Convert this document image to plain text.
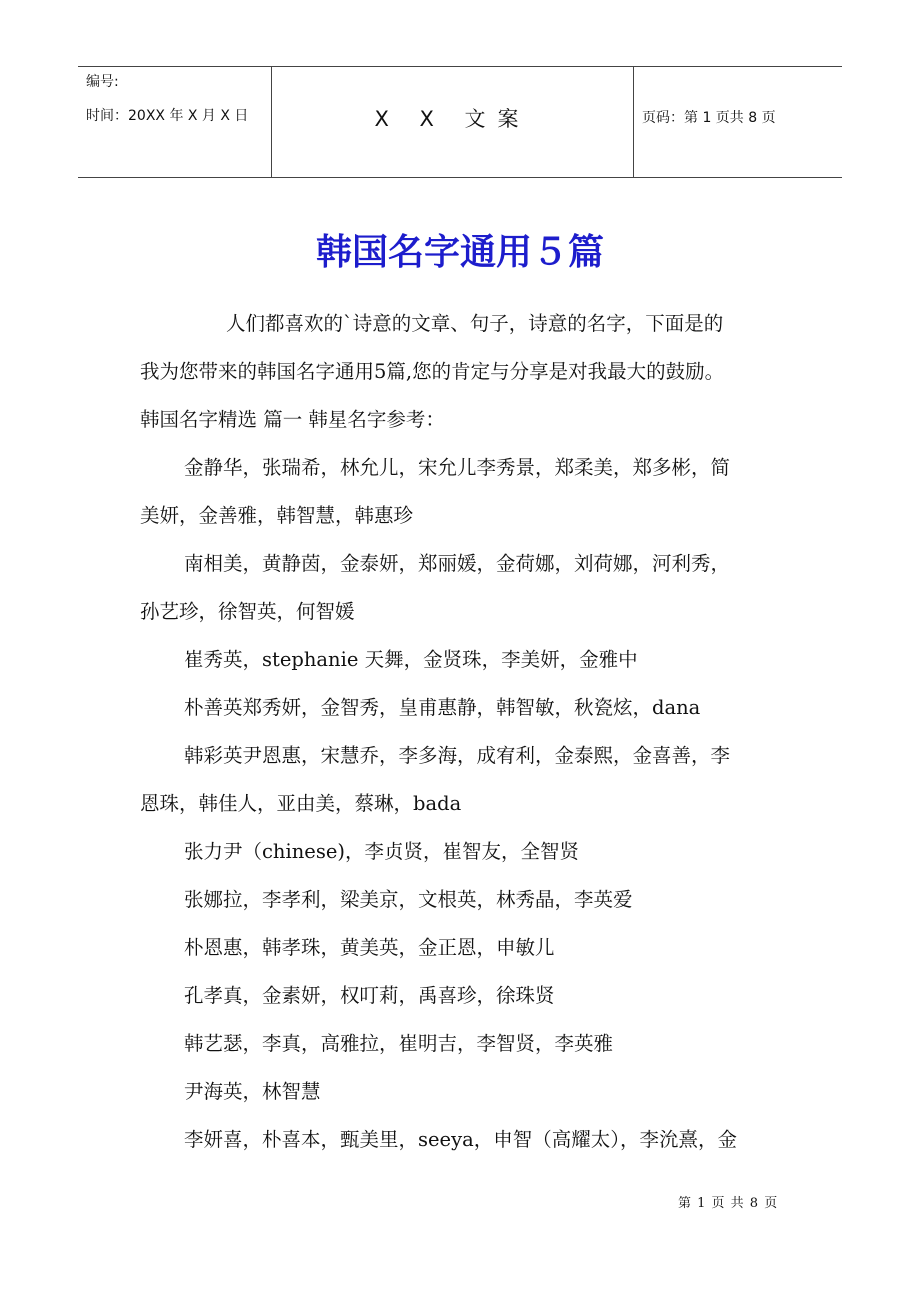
编号:
时间：20XX 年 X 月 X 日	X X 文案	页码：第 1 页共 8 页
韩国名字通用５篇
人们都喜欢的`诗意的文章、句子，诗意的名字，下面是的
我为您带来的韩国名字通用5篇,您的肯定与分享是对我最大的鼓励。
韩国名字精选 篇一 韩星名字参考：
金静华，张瑞希，林允儿，宋允儿李秀景，郑柔美，郑多彬，简
美妍，金善雅，韩智慧，韩惠珍
南相美，黄静茵，金泰妍，郑丽媛，金荷娜，刘荷娜，河利秀，
孙艺珍，徐智英，何智媛
崔秀英，stephanie 天舞，金贤珠，李美妍，金雅中
朴善英郑秀妍，金智秀，皇甫惠静，韩智敏，秋瓷炫，dana
韩彩英尹恩惠，宋慧乔，李多海，成宥利，金泰熙，金喜善，李
恩珠，韩佳人，亚由美，蔡琳，bada
张力尹（chinese)，李贞贤，崔智友，全智贤
张娜拉，李孝利，梁美京，文根英，林秀晶，李英爱
朴恩惠，韩孝珠，黄美英，金正恩，申敏儿
孔孝真，金素妍，权叮莉，禹喜珍，徐珠贤
韩艺瑟，李真，高雅拉，崔明吉，李智贤，李英雅
尹海英，林智慧
李妍喜，朴喜本，甄美里，seeya，申智（高耀太），李沇熹，金
第 1 页 共 8 页
